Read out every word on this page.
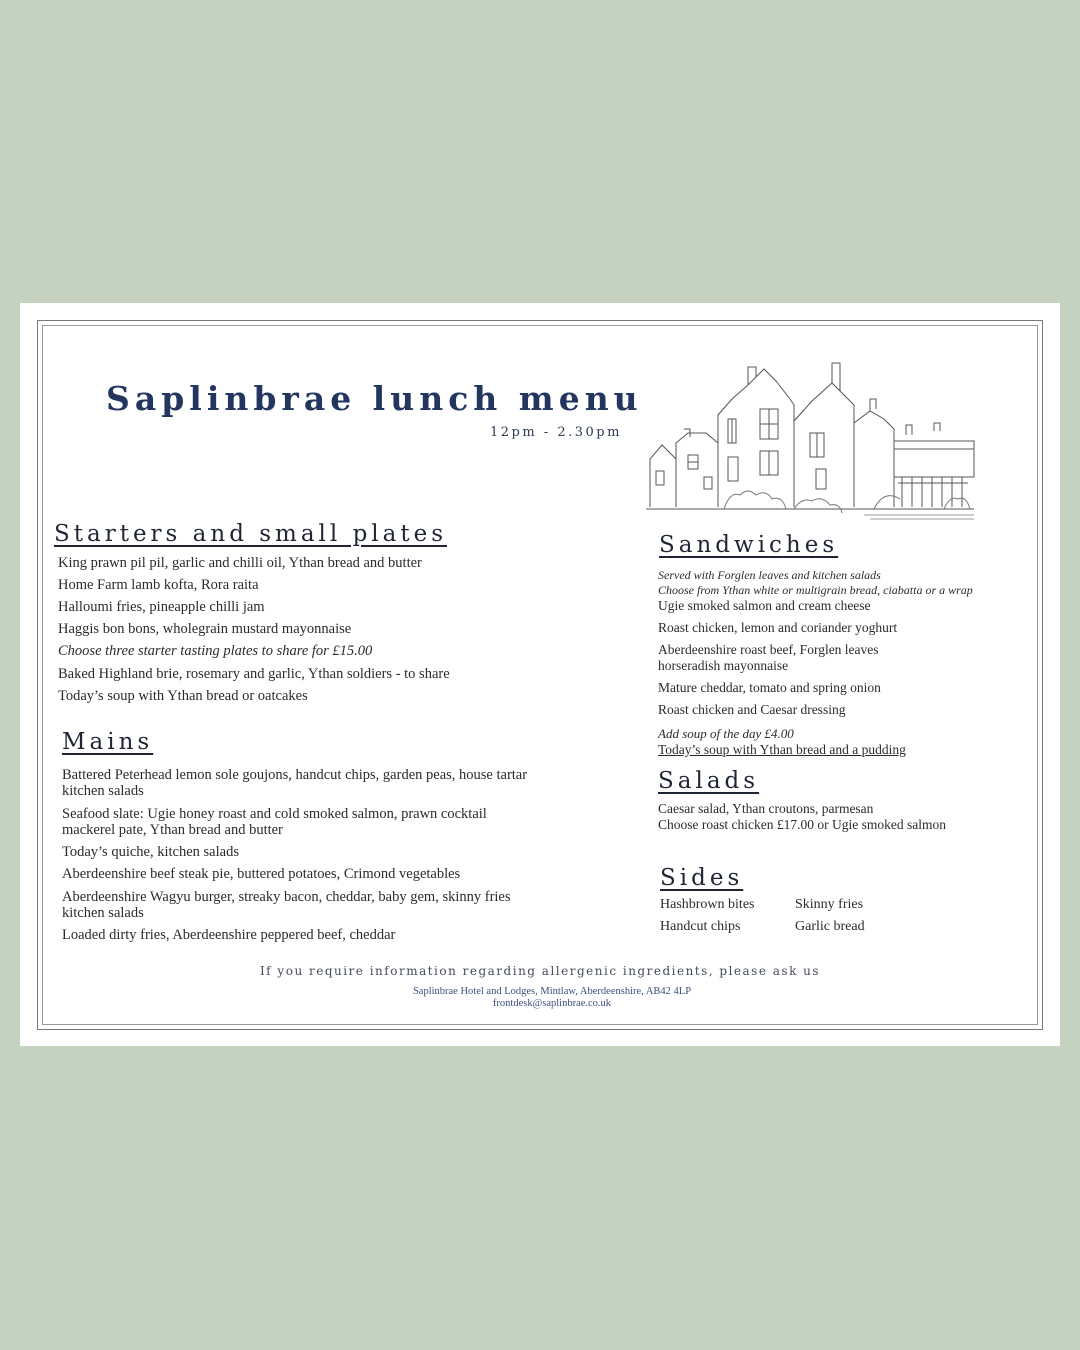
Saplinbrae lunch menu
12pm - 2.30pm
Starters and small plates
King prawn pil pil, garlic and chilli oil, Ythan bread and butter
Home Farm lamb kofta, Rora raita
Halloumi fries, pineapple chilli jam
Haggis bon bons, wholegrain mustard mayonnaise
Choose three starter tasting plates to share for £15.00
Baked Highland brie, rosemary and garlic, Ythan soldiers - to share
Today’s soup with Ythan bread or oatcakes
Mains
Battered Peterhead lemon sole goujons, handcut chips, garden peas, house tartar
kitchen salads
Seafood slate: Ugie honey roast and cold smoked salmon, prawn cocktail
mackerel pate, Ythan bread and butter
Today’s quiche, kitchen salads
Aberdeenshire beef steak pie, buttered potatoes, Crimond vegetables
Aberdeenshire Wagyu burger, streaky bacon, cheddar, baby gem, skinny fries
kitchen salads
Loaded dirty fries, Aberdeenshire peppered beef, cheddar
Sandwiches
Served with Forglen leaves and kitchen salads
Choose from Ythan white or multigrain bread, ciabatta or a wrap
Ugie smoked salmon and cream cheese
Roast chicken, lemon and coriander yoghurt
Aberdeenshire roast beef, Forglen leaves
horseradish mayonnaise
Mature cheddar, tomato and spring onion
Roast chicken and Caesar dressing
Add soup of the day £4.00
Today’s soup with Ythan bread and a pudding
Salads
Caesar salad, Ythan croutons, parmesan
Choose roast chicken £17.00 or Ugie smoked salmon
Sides
Hashbrown bites
Handcut chips
Skinny fries
Garlic bread
If you require information regarding allergenic ingredients, please ask us
Saplinbrae Hotel and Lodges, Mintlaw, Aberdeenshire, AB42 4LP
frontdesk@saplinbrae.co.uk
